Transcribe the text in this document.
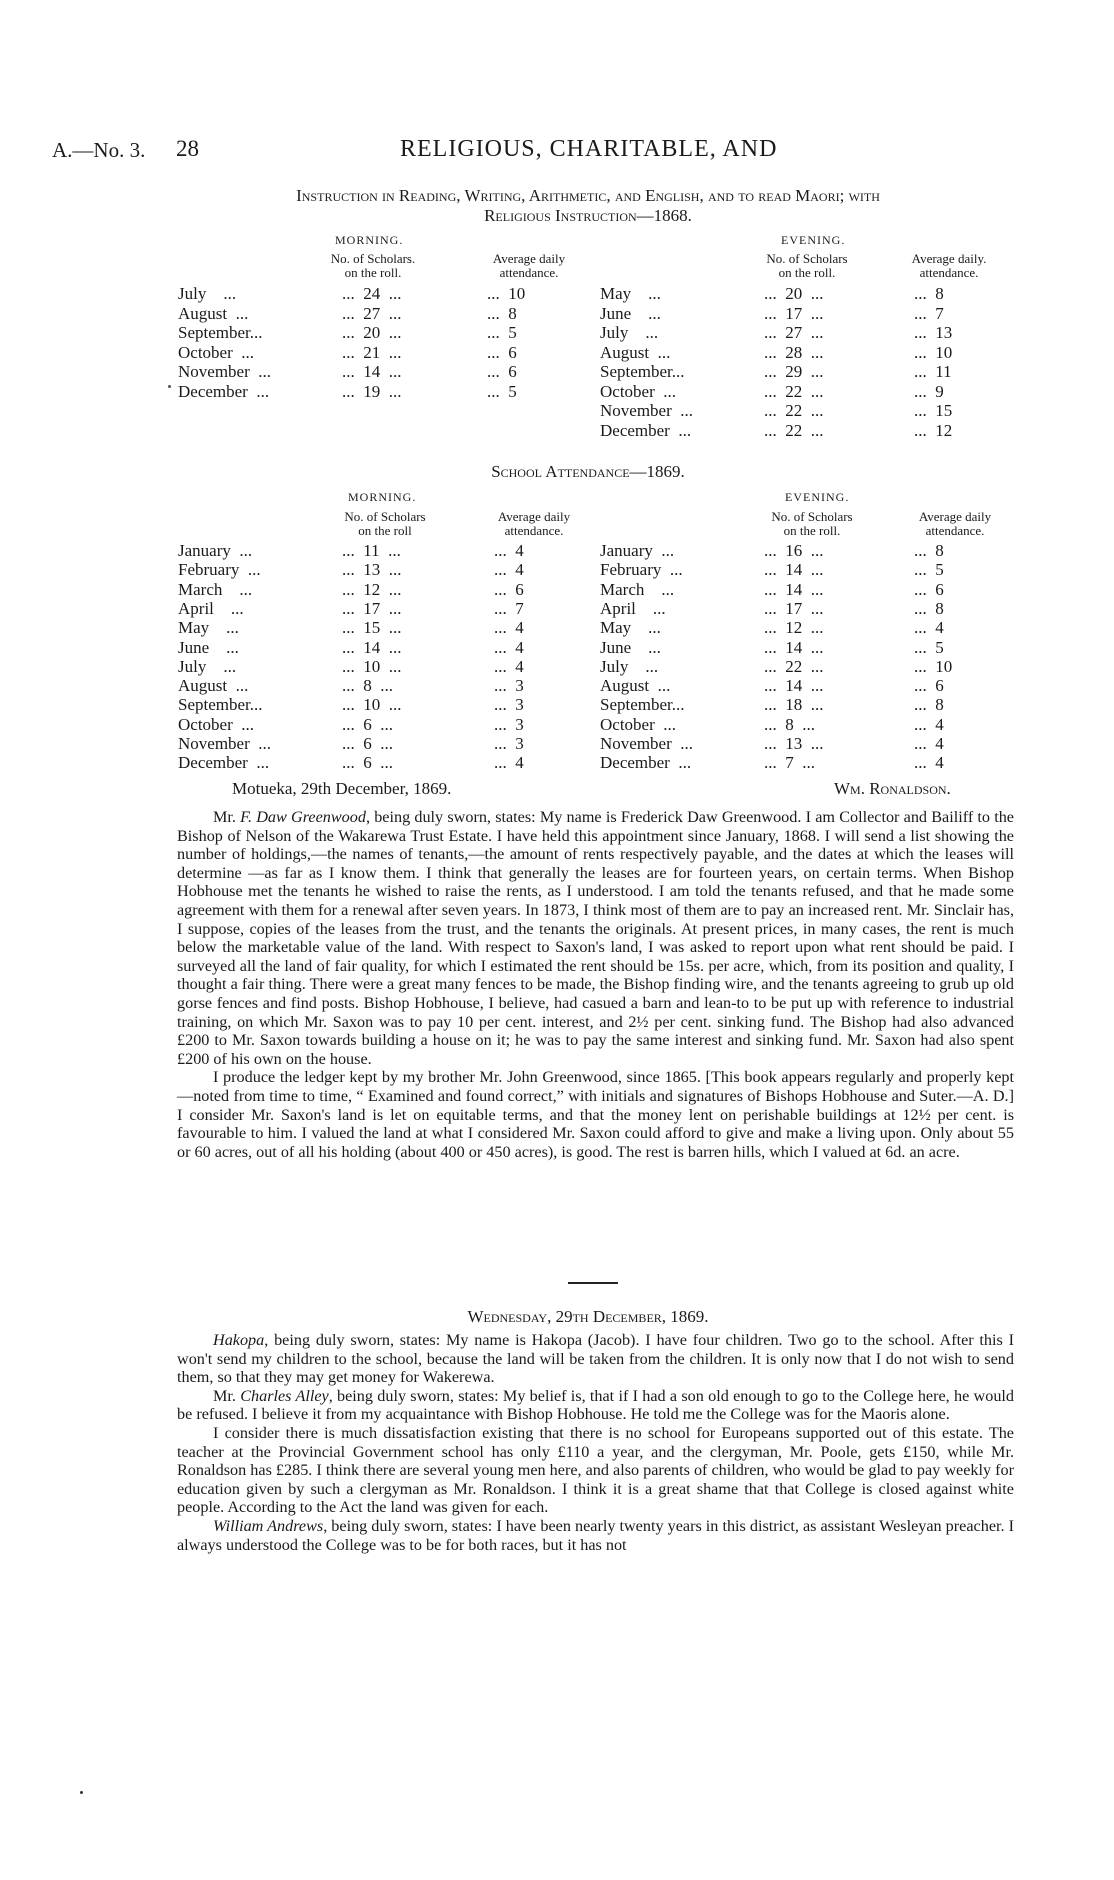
A.—No. 3. 28	RELIGIOUS, CHARITABLE, AND
Instruction in Reading, Writing, Arithmetic, and English, and to read Maori; with
Religious Instruction—1868.
MORNING.	EVENING.
No. of Scholars.
on the roll.
Average daily
attendance.
No. of Scholars
on the roll.
Average daily.
attendance.
July    ...	...  24  ...	...  10
August  ...	...  27  ...	...  8
September...	...  20  ...	...  5
October  ...	...  21  ...	...  6
November  ...	...  14  ...	...  6
December  ...	...  19  ...	...  5
May    ...	...  20  ...	...  8
June    ...	...  17  ...	...  7
July    ...	...  27  ...	...  13
August  ...	...  28  ...	...  10
September...	...  29  ...	...  11
October  ...	...  22  ...	...  9
November  ...	...  22  ...	...  15
December  ...	...  22  ...	...  12
School Attendance—1869.
MORNING.	EVENING.
No. of Scholars
on the roll
Average daily
attendance.
No. of Scholars
on the roll.
Average daily
attendance.
January  ...	...  11  ...	...  4
February  ...	...  13  ...	...  4
March    ...	...  12  ...	...  6
April    ...	...  17  ...	...  7
May    ...	...  15  ...	...  4
June    ...	...  14  ...	...  4
July    ...	...  10  ...	...  4
August  ...	...  8  ...	...  3
September...	...  10  ...	...  3
October  ...	...  6  ...	...  3
November  ...	...  6  ...	...  3
December  ...	...  6  ...	...  4
January  ...	...  16  ...	...  8
February  ...	...  14  ...	...  5
March    ...	...  14  ...	...  6
April    ...	...  17  ...	...  8
May    ...	...  12  ...	...  4
June    ...	...  14  ...	...  5
July    ...	...  22  ...	...  10
August  ...	...  14  ...	...  6
September...	...  18  ...	...  8
October  ...	...  8  ...	...  4
November  ...	...  13  ...	...  4
December  ...	...  7  ...	...  4
Motueka, 29th December, 1869.	Wm. Ronaldson.

Mr. F. Daw Greenwood, being duly sworn, states: My name is Frederick Daw Greenwood. I am Collector and Bailiff to the Bishop of Nelson of the Wakarewa Trust Estate. I have held this appointment since January, 1868. I will send a list showing the number of holdings,—the names of tenants,—the amount of rents respectively payable, and the dates at which the leases will determine —as far as I know them. I think that generally the leases are for fourteen years, on certain terms. When Bishop Hobhouse met the tenants he wished to raise the rents, as I understood. I am told the tenants refused, and that he made some agreement with them for a renewal after seven years. In 1873, I think most of them are to pay an increased rent. Mr. Sinclair has, I suppose, copies of the leases from the trust, and the tenants the originals. At present prices, in many cases, the rent is much below the marketable value of the land. With respect to Saxon's land, I was asked to report upon what rent should be paid. I surveyed all the land of fair quality, for which I estimated the rent should be 15s. per acre, which, from its position and quality, I thought a fair thing. There were a great many fences to be made, the Bishop finding wire, and the tenants agreeing to grub up old gorse fences and find posts. Bishop Hobhouse, I believe, had casued a barn and lean-to to be put up with reference to industrial training, on which Mr. Saxon was to pay 10 per cent. interest, and 2½ per cent. sinking fund. The Bishop had also advanced £200 to Mr. Saxon towards building a house on it; he was to pay the same interest and sinking fund. Mr. Saxon had also spent £200 of his own on the house.

I produce the ledger kept by my brother Mr. John Greenwood, since 1865. [This book appears regularly and properly kept—noted from time to time, “ Examined and found correct,” with initials and signatures of Bishops Hobhouse and Suter.—A. D.] I consider Mr. Saxon's land is let on equitable terms, and that the money lent on perishable buildings at 12½ per cent. is favourable to him. I valued the land at what I considered Mr. Saxon could afford to give and make a living upon. Only about 55 or 60 acres, out of all his holding (about 400 or 450 acres), is good. The rest is barren hills, which I valued at 6d. an acre.

Wednesday, 29th December, 1869.

Hakopa, being duly sworn, states: My name is Hakopa (Jacob). I have four children. Two go to the school. After this I won't send my children to the school, because the land will be taken from the children. It is only now that I do not wish to send them, so that they may get money for Wakerewa.

Mr. Charles Alley, being duly sworn, states: My belief is, that if I had a son old enough to go to the College here, he would be refused. I believe it from my acquaintance with Bishop Hobhouse. He told me the College was for the Maoris alone.

I consider there is much dissatisfaction existing that there is no school for Europeans supported out of this estate. The teacher at the Provincial Government school has only £110 a year, and the clergyman, Mr. Poole, gets £150, while Mr. Ronaldson has £285. I think there are several young men here, and also parents of children, who would be glad to pay weekly for education given by such a clergyman as Mr. Ronaldson. I think it is a great shame that that College is closed against white people. According to the Act the land was given for each.

William Andrews, being duly sworn, states: I have been nearly twenty years in this district, as assistant Wesleyan preacher. I always understood the College was to be for both races, but it has not
